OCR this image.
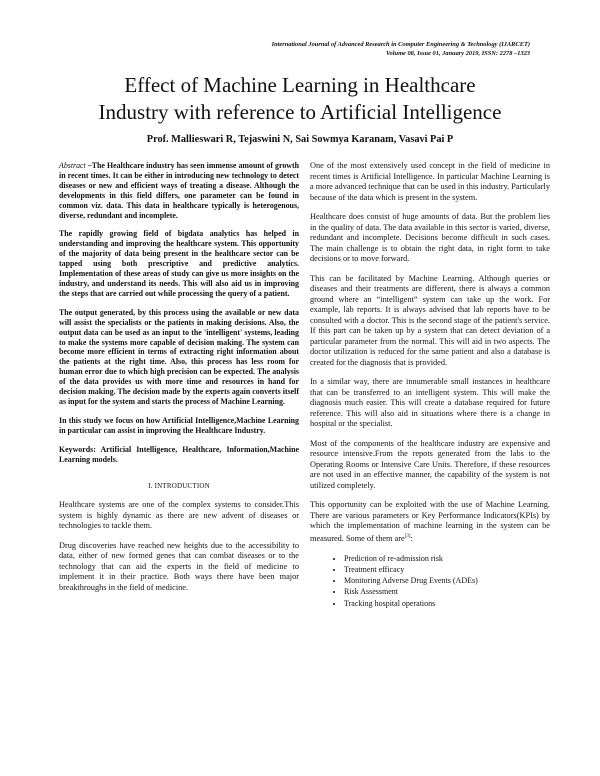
International Journal of Advanced Research in Computer Engineering & Technology (IJARCET)
Volume 08, Issue 01, January 2019, ISSN: 2278 –1323
Effect of Machine Learning in Healthcare
Industry with reference to Artificial Intelligence
Prof. Mallieswari R, Tejaswini N, Sai Sowmya Karanam, Vasavi Pai P

Abstract –The Healthcare industry has seen immense amount of growth in recent times. It can be either in introducing new technology to detect diseases or new and efficient ways of treating a disease. Although the developments in this field differs, one parameter can be found in common viz. data. This data in healthcare typically is heterogenous, diverse, redundant and incomplete.

The rapidly growing field of bigdata analytics has helped in understanding and improving the healthcare system. This opportunity of the majority of data being present in the healthcare sector can be tapped using both prescriptive and predictive analytics. Implementation of these areas of study can give us more insights on the industry, and understand its needs. This will also aid us in improving the steps that are carried out while processing the query of a patient.

The output generated, by this process using the available or new data will assist the specialists or the patients in making decisions. Also, the output data can be used as an input to the 'intelligent' systems, leading to make the systems more capable of decision making. The system can become more efficient in terms of extracting right information about the patients at the right time. Also, this process has less room for human error due to which high precision can be expected. The analysis of the data provides us with more time and resources in hand for decision making. The decision made by the experts again converts itself as input for the system and starts the process of Machine Learning.

In this study we focus on how Artificial Intelligence,Machine Learning in particular can assist in improving the Healthcare Industry.

Keywords: Artificial Intelligence, Healthcare, Information,Machine Learning models.

I. INTRODUCTION

Healthcare systems are one of the complex systems to consider.This system is highly dynamic as there are new advent of diseases or technologies to tackle them.

Drug discoveries have reached new heights due to the accessibility to data, either of new formed genes that can combat diseases or to the technology that can aid the experts in the field of medicine to implement it in their practice. Both ways there have been major breakthroughs in the field of medicine.

One of the most extensively used concept in the field of medicine in recent times is Artificial Intelligence. In particular Machine Learning is a more advanced technique that can be used in this industry. Particularly because of the data which is present in the system.

Healthcare does consist of huge amounts of data. But the problem lies in the quality of data. The data available in this sector is varied, diverse, redundant and incomplete. Decisions become difficult in such cases. The main challenge is to obtain the right data, in right form to take decisions or to move forward.

This can be facilitated by Machine Learning. Although queries or diseases and their treatments are different, there is always a common ground where an “intelligent” system can take up the work. For example, lab reports. It is always advised that lab reports have to be consulted with a doctor. This is the second stage of the patient's service. If this part can be taken up by a system that can detect deviation of a particular parameter from the normal. This will aid in two aspects. The doctor utilization is reduced for the same patient and also a database is created for the diagnosis that is provided.

In a similar way, there are innumerable small instances in healthcare that can be transferred to an intelligent system. This will make the diagnosis much easier. This will create a database required for future reference. This will also aid in situations where there is a change in hospital or the specialist.

Most of the components of the healthcare industry are expensive and resource intensive.From the repots generated from the labs to the Operating Rooms or Intensive Care Units. Therefore, if these resources are not used in an effective manner, the capability of the system is not utilized completely.

This opportunity can be exploited with the use of Machine Learning. There are various parameters or Key Performance Indicators(KPIs) by which the implementation of machine learning in the system can be measured. Some of them are[3]:

• Prediction of re-admission risk
• Treatment efficacy
• Monitoring Adverse Drug Events (ADEs)
• Risk Assessment
• Tracking hospital operations
